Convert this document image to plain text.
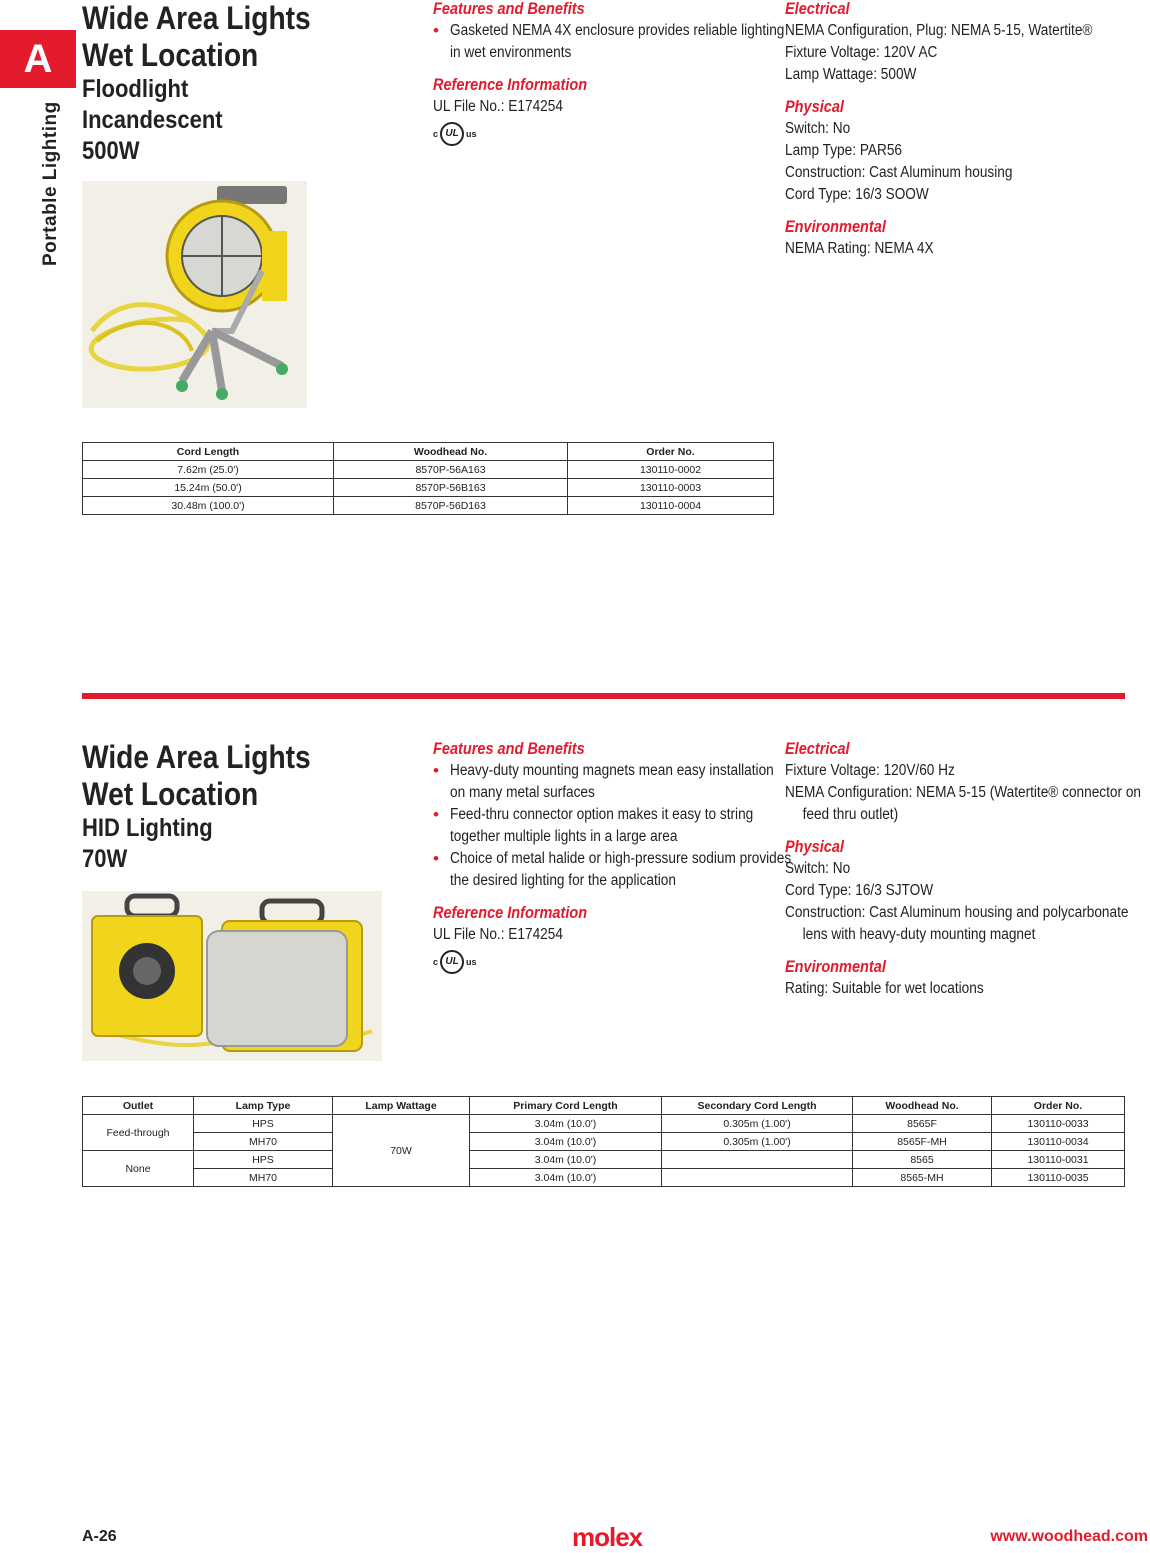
A
Portable Lighting
Wide Area Lights
Wet Location
Floodlight
Incandescent
500W
Features and Benefits
• Gasketed NEMA 4X enclosure provides reliable lighting
in wet environments
Reference Information
UL File No.: E174254
c UL us
Electrical
NEMA Configuration, Plug: NEMA 5-15, Watertite®
Fixture Voltage: 120V AC
Lamp Wattage: 500W
Physical
Switch: No
Lamp Type: PAR56
Construction: Cast Aluminum housing
Cord Type: 16/3 SOOW
Environmental
NEMA Rating: NEMA 4X
Cord Length	Woodhead No.	Order No.
7.62m (25.0')	8570P-56A163	130110-0002
15.24m (50.0')	8570P-56B163	130110-0003
30.48m (100.0')	8570P-56D163	130110-0004
Wide Area Lights
Wet Location
HID Lighting
70W
Features and Benefits
• Heavy-duty mounting magnets mean easy installation
on many metal surfaces
• Feed-thru connector option makes it easy to string
together multiple lights in a large area
• Choice of metal halide or high-pressure sodium provides
the desired lighting for the application
Reference Information
UL File No.: E174254
c UL us
Electrical
Fixture Voltage: 120V/60 Hz
NEMA Configuration: NEMA 5-15 (Watertite® connector on
feed thru outlet)
Physical
Switch: No
Cord Type: 16/3 SJTOW
Construction: Cast Aluminum housing and polycarbonate
lens with heavy-duty mounting magnet
Environmental
Rating: Suitable for wet locations
Outlet	Lamp Type	Lamp Wattage	Primary Cord Length	Secondary Cord Length	Woodhead No.	Order No.
Feed-through	HPS	70W	3.04m (10.0')	0.305m (1.00')	8565F	130110-0033
	MH70		3.04m (10.0')	0.305m (1.00')	8565F-MH	130110-0034
None	HPS		3.04m (10.0')		8565	130110-0031
	MH70		3.04m (10.0')		8565-MH	130110-0035
A-26	molex	www.woodhead.com
